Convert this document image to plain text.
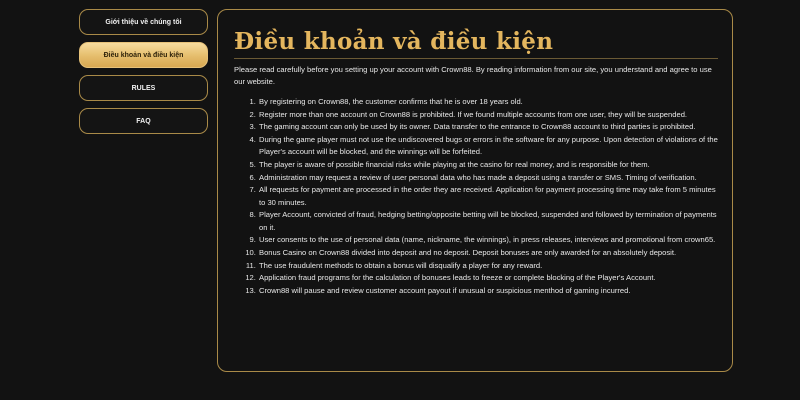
Giới thiệu về chúng tôi
Điều khoản và điều kiện
RULES
FAQ
Điều khoản và điều kiện

Please read carefully before you setting up your account with Crown88. By reading information from our site, you understand and agree to use our website.

1. By registering on Crown88, the customer confirms that he is over 18 years old.
2. Register more than one account on Crown88 is prohibited. If we found multiple accounts from one user, they will be suspended.
3. The gaming account can only be used by its owner. Data transfer to the entrance to Crown88 account to third parties is prohibited.
4. During the game player must not use the undiscovered bugs or errors in the software for any purpose. Upon detection of violations of the Player's account will be blocked, and the winnings will be forfeited.
5. The player is aware of possible financial risks while playing at the casino for real money, and is responsible for them.
6. Administration may request a review of user personal data who has made a deposit using a transfer or SMS. Timing of verification.
7. All requests for payment are processed in the order they are received. Application for payment processing time may take from 5 minutes to 30 minutes.
8. Player Account, convicted of fraud, hedging betting/opposite betting will be blocked, suspended and followed by termination of payments on it.
9. User consents to the use of personal data (name, nickname, the winnings), in press releases, interviews and promotional from crown65.
10. Bonus Casino on Crown88 divided into deposit and no deposit. Deposit bonuses are only awarded for an absolutely deposit.
11. The use fraudulent methods to obtain a bonus will disqualify a player for any reward.
12. Application fraud programs for the calculation of bonuses leads to freeze or complete blocking of the Player's Account.
13. Crown88 will pause and review customer account payout if unusual or suspicious menthod of gaming incurred.
